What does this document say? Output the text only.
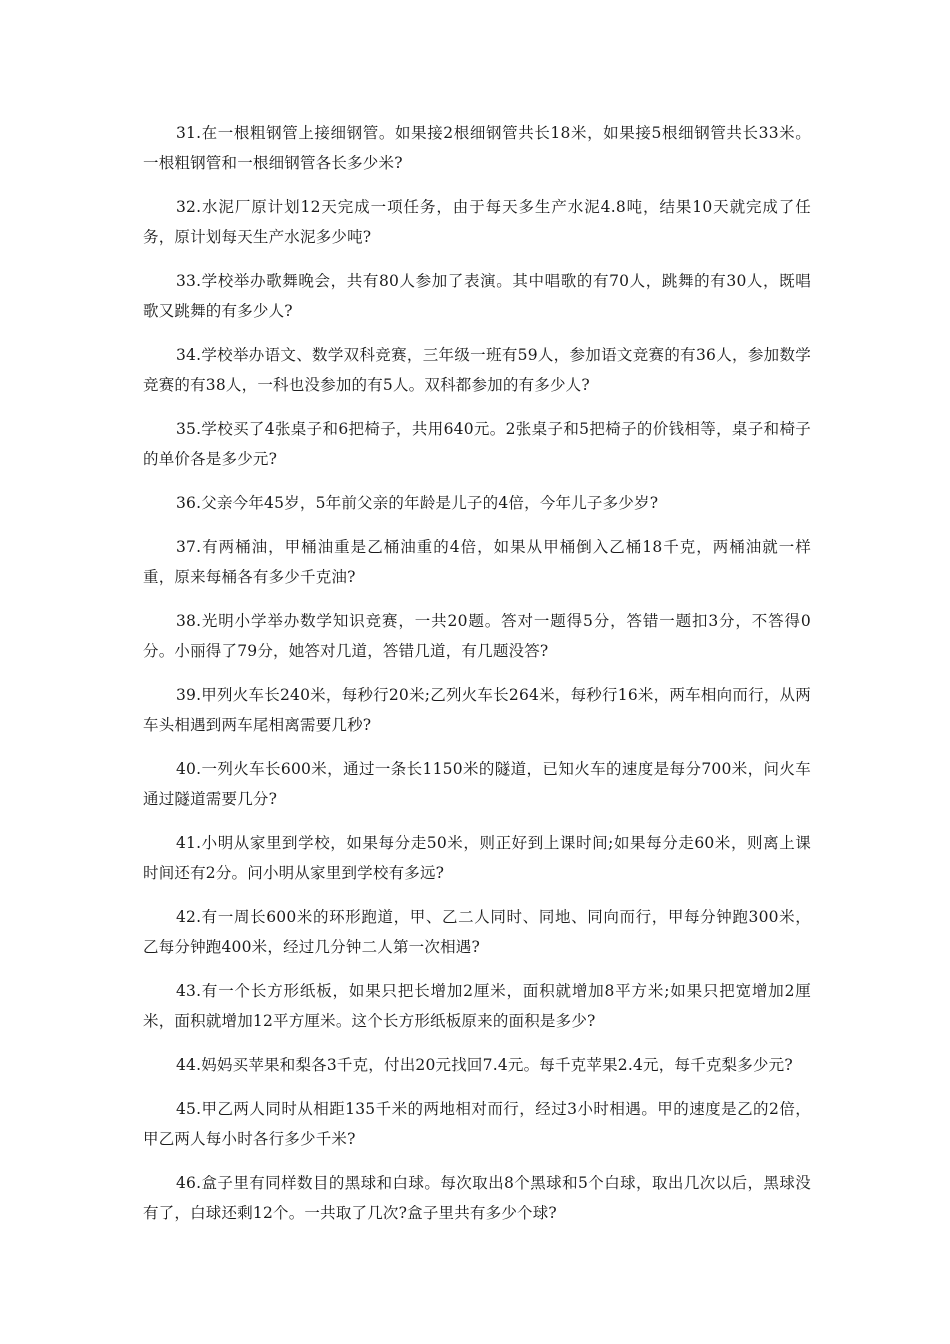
31.在一根粗钢管上接细钢管。如果接2根细钢管共长18米，如果接5根细钢管共长33米。一根粗钢管和一根细钢管各长多少米?

32.水泥厂原计划12天完成一项任务，由于每天多生产水泥4.8吨，结果10天就完成了任务，原计划每天生产水泥多少吨?

33.学校举办歌舞晚会，共有80人参加了表演。其中唱歌的有70人，跳舞的有30人，既唱歌又跳舞的有多少人?

34.学校举办语文、数学双科竞赛，三年级一班有59人，参加语文竞赛的有36人，参加数学竞赛的有38人，一科也没参加的有5人。双科都参加的有多少人?

35.学校买了4张桌子和6把椅子，共用640元。2张桌子和5把椅子的价钱相等，桌子和椅子的单价各是多少元?

36.父亲今年45岁，5年前父亲的年龄是儿子的4倍，今年儿子多少岁?

37.有两桶油，甲桶油重是乙桶油重的4倍，如果从甲桶倒入乙桶18千克，两桶油就一样重，原来每桶各有多少千克油?

38.光明小学举办数学知识竞赛，一共20题。答对一题得5分，答错一题扣3分，不答得0分。小丽得了79分，她答对几道，答错几道，有几题没答?

39.甲列火车长240米，每秒行20米;乙列火车长264米，每秒行16米，两车相向而行，从两车头相遇到两车尾相离需要几秒?

40.一列火车长600米，通过一条长1150米的隧道，已知火车的速度是每分700米，问火车通过隧道需要几分?

41.小明从家里到学校，如果每分走50米，则正好到上课时间;如果每分走60米，则离上课时间还有2分。问小明从家里到学校有多远?

42.有一周长600米的环形跑道，甲、乙二人同时、同地、同向而行，甲每分钟跑300米，乙每分钟跑400米，经过几分钟二人第一次相遇?

43.有一个长方形纸板，如果只把长增加2厘米，面积就增加8平方米;如果只把宽增加2厘米，面积就增加12平方厘米。这个长方形纸板原来的面积是多少?

44.妈妈买苹果和梨各3千克，付出20元找回7.4元。每千克苹果2.4元，每千克梨多少元?

45.甲乙两人同时从相距135千米的两地相对而行，经过3小时相遇。甲的速度是乙的2倍，甲乙两人每小时各行多少千米?

46.盒子里有同样数目的黑球和白球。每次取出8个黑球和5个白球，取出几次以后，黑球没有了，白球还剩12个。一共取了几次?盒子里共有多少个球?
